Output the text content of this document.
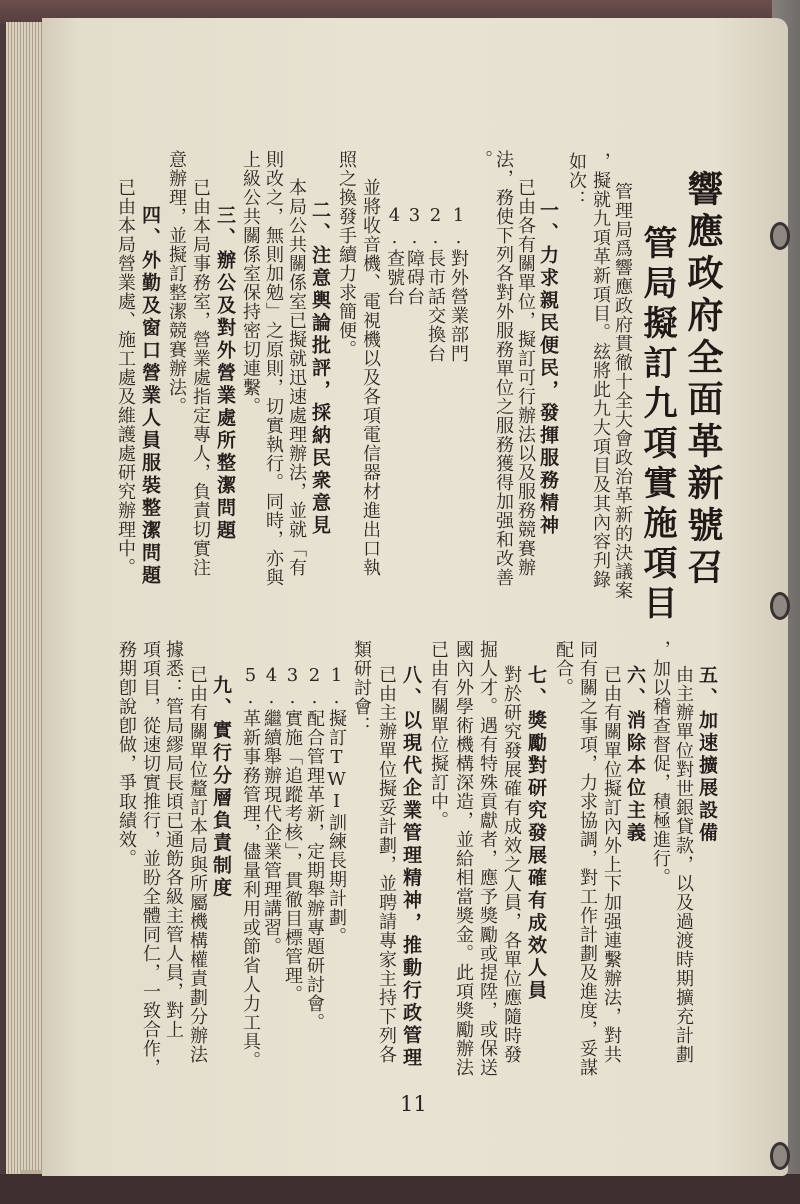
響應政府全面革新號召
管局擬訂九項實施項目
管理局爲響應政府貫徹十全大會政治革新的決議案
，擬就九項革新項目。玆將此九大項目及其內容刋錄
如次：
一、力求親民便民，發揮服務精神
已由各有關單位，擬訂可行辦法以及服務競賽辦
法，務使下列各對外服務單位之服務獲得加强和改善
。
1.對外營業部門
2.長市話交換台
3.障碍台
4.查號台
並將收音機、電視機以及各項電信器材進出口執
照之換發手續力求簡便。
二、注意輿論批評，採納民衆意見
本局公共關係室已擬就迅速處理辦法，並就「有
則改之，無則加勉」之原則，切實執行。同時，亦與
上級公共關係室保持密切連繫。
三、辦公及對外營業處所整潔問題
已由本局事務室，營業處指定專人，負責切實注
意辦理，並擬訂整潔競賽辦法。
四、外勤及窗口營業人員服裝整潔問題
已由本局營業處、施工處及維護處研究辦理中。
五、加速擴展設備
由主辦單位對世銀貸款，以及過渡時期擴充計劃
，加以稽查督促，積極進行。
六、消除本位主義
已由有關單位擬訂內外上下加强連繫辦法，對共
同有關之事項，力求協調，對工作計劃及進度，妥謀
配合。
七、獎勵對研究發展確有成效人員
對於研究發展確有成效之人員，各單位應隨時發
掘人才。遇有特殊貢獻者，應予獎勵或提陞，或保送
國內外學術機構深造，並給相當獎金。此項獎勵辦法
已由有關單位擬訂中。
八、以現代企業管理精神，推動行政管理
已由主辦單位擬妥計劃，並聘請專家主持下列各
類研討會：
1.擬訂TWI訓練長期計劃。
2.配合管理革新，定期舉辦專題研討會。
3.實施「追蹤考核」，貫徹目標管理。
4.繼續舉辦現代企業管理講習。
5.革新事務管理，儘量利用或節省人力工具。
九、實行分層負責制度
已由有關單位釐訂本局與所屬機構權責劃分辦法
據悉：管局繆局長頃已通飭各級主管人員，對上
項項目，從速切實推行，並盼全體同仁，一致合作，
務期卽說卽做，爭取績效。
11
